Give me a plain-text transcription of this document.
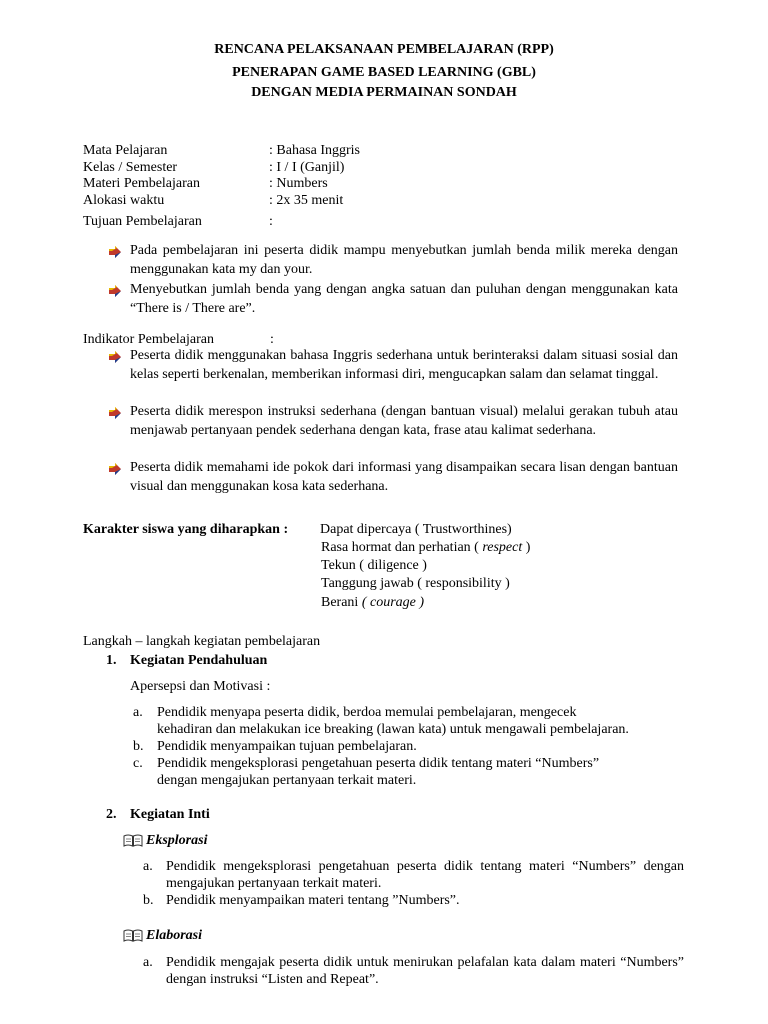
RENCANA PELAKSANAAN PEMBELAJARAN (RPP)
PENERAPAN GAME BASED LEARNING (GBL)
DENGAN MEDIA PERMAINAN SONDAH
Mata Pelajaran	: Bahasa Inggris
Kelas / Semester	: I / I (Ganjil)
Materi Pembelajaran	: Numbers
Alokasi waktu	: 2x 35 menit
Tujuan Pembelajaran	:
Pada pembelajaran ini peserta didik mampu menyebutkan jumlah benda milik mereka dengan menggunakan kata my dan your.
Menyebutkan jumlah benda yang dengan angka satuan dan puluhan dengan menggunakan kata “There is / There are”.
Indikator Pembelajaran	:
Peserta didik menggunakan bahasa Inggris sederhana untuk berinteraksi dalam situasi sosial dan kelas seperti berkenalan, memberikan informasi diri, mengucapkan salam dan selamat tinggal.
Peserta didik merespon instruksi sederhana (dengan bantuan visual) melalui gerakan tubuh atau menjawab pertanyaan pendek sederhana dengan kata, frase atau kalimat sederhana.
Peserta didik memahami ide pokok dari informasi yang disampaikan secara lisan dengan bantuan visual dan menggunakan kosa kata sederhana.
Karakter siswa yang diharapkan : Dapat dipercaya ( Trustworthines)
Rasa hormat dan perhatian ( respect )
Tekun ( diligence )
Tanggung jawab ( responsibility )
Berani ( courage )
Langkah – langkah kegiatan pembelajaran
1. Kegiatan Pendahuluan
Apersepsi dan Motivasi :
a. Pendidik menyapa peserta didik, berdoa memulai pembelajaran, mengecek
kehadiran dan melakukan ice breaking (lawan kata) untuk mengawali pembelajaran.
b. Pendidik menyampaikan tujuan pembelajaran.
c. Pendidik mengeksplorasi pengetahuan peserta didik tentang materi “Numbers”
dengan mengajukan pertanyaan terkait materi.
2. Kegiatan Inti
Eksplorasi
a. Pendidik mengeksplorasi pengetahuan peserta didik tentang materi “Numbers” dengan mengajukan pertanyaan terkait materi.
b. Pendidik menyampaikan materi tentang ”Numbers”.
Elaborasi
a. Pendidik mengajak peserta didik untuk menirukan pelafalan kata dalam materi “Numbers” dengan instruksi “Listen and Repeat”.
